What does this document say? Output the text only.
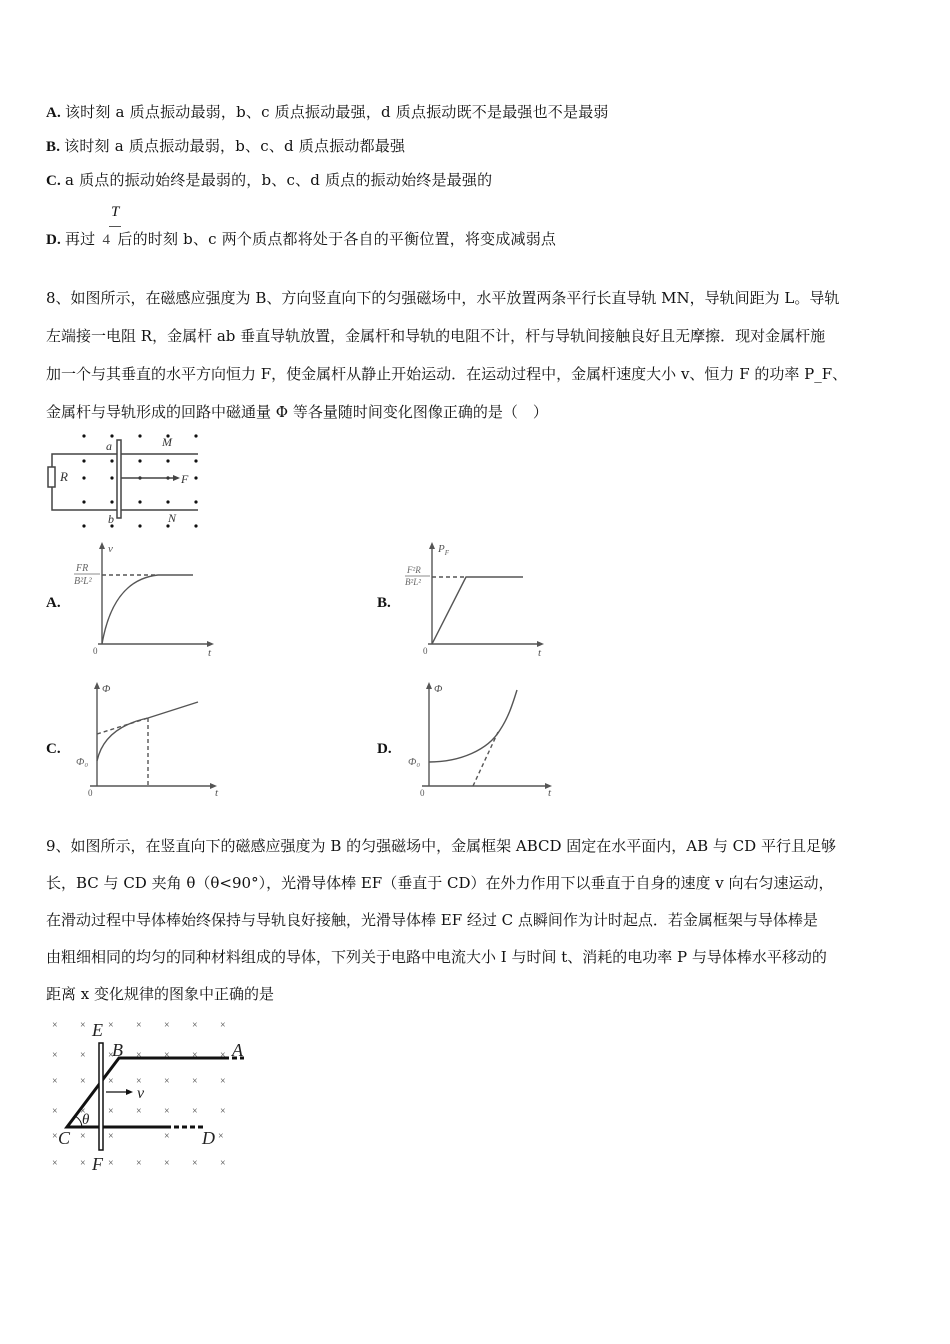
A. 该时刻 a 质点振动最弱，b、c 质点振动最强，d 质点振动既不是最强也不是最弱
B. 该时刻 a 质点振动最弱，b、c、d 质点振动都最强
C. a 质点的振动始终是最弱的，b、c、d 质点的振动始终是最强的
T
D. 再过 4 后的时刻 b、c 两个质点都将处于各自的平衡位置，将变成减弱点
8、如图所示，在磁感应强度为 B、方向竖直向下的匀强磁场中，水平放置两条平行长直导轨 MN，导轨间距为 L。导轨
左端接一电阻 R，金属杆 ab 垂直导轨放置，金属杆和导轨的电阻不计，杆与导轨间接触良好且无摩擦．现对金属杆施
加一个与其垂直的水平方向恒力 F，使金属杆从静止开始运动．在运动过程中，金属杆速度大小 v、恒力 F 的功率 P_F、
金属杆与导轨形成的回路中磁通量 Φ 等各量随时间变化图像正确的是（　）
R
a
b
M
N
F
A.
v
t
0
FR
B²L²
B.
$P_F$
t
0
F²R
B²L²
C.
Φ
t
0
Φ₀
D.
Φ
t
0
Φ₀
9、如图所示，在竖直向下的磁感应强度为 B 的匀强磁场中，金属框架 ABCD 固定在水平面内，AB 与 CD 平行且足够
长，BC 与 CD 夹角 θ（θ<90°），光滑导体棒 EF（垂直于 CD）在外力作用下以垂直于自身的速度 v 向右匀速运动，
在滑动过程中导体棒始终保持与导轨良好接触，光滑导体棒 EF 经过 C 点瞬间作为计时起点．若金属框架与导体棒是
由粗细相同的均匀的同种材料组成的导体，下列关于电路中电流大小 I 与时间 t、消耗的电功率 P 与导体棒水平移动的
距离 x 变化规律的图象中正确的是
× × × × × × ×
× × × × × × ×
× × × × × × ×
× × × × × × ×
× × ×	×	×
× × × × × × ×
E
B	A
C	D
F
θ
v
